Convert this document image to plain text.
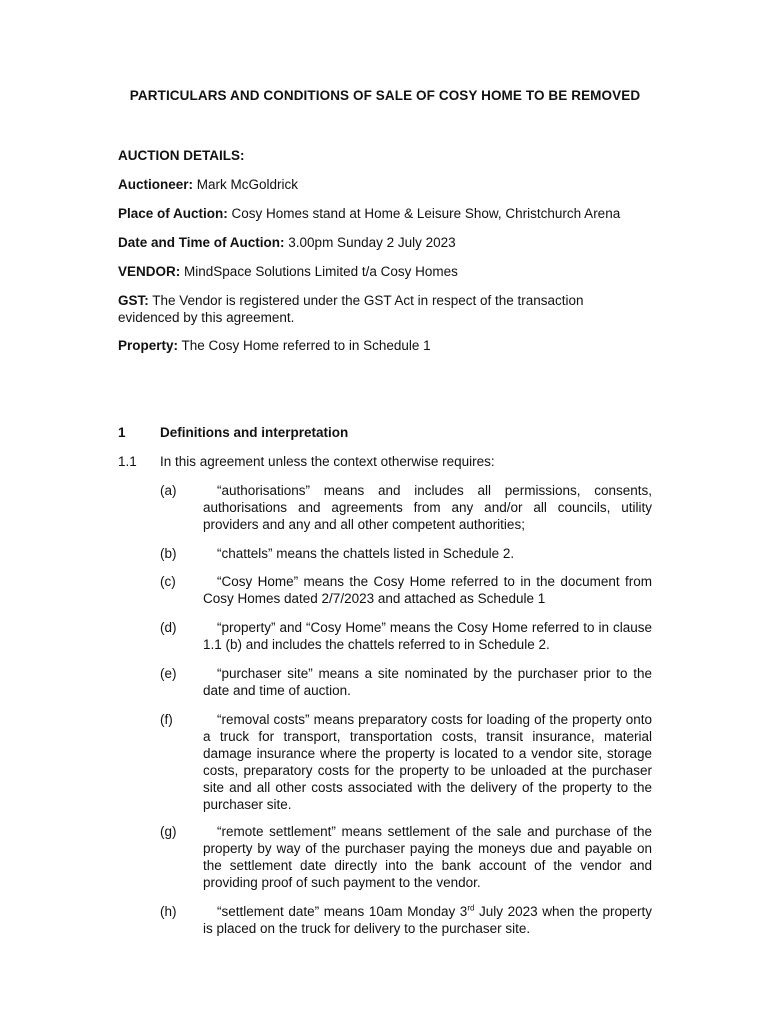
PARTICULARS AND CONDITIONS OF SALE OF COSY HOME TO BE REMOVED
AUCTION DETAILS:
Auctioneer: Mark McGoldrick
Place of Auction: Cosy Homes stand at Home & Leisure Show, Christchurch Arena
Date and Time of Auction: 3.00pm Sunday 2 July 2023
VENDOR: MindSpace Solutions Limited t/a Cosy Homes
GST: The Vendor is registered under the GST Act in respect of the transaction evidenced by this agreement.
Property: The Cosy Home referred to in Schedule 1
1	Definitions and interpretation
1.1 In this agreement unless the context otherwise requires:
(a)	“authorisations” means and includes all permissions, consents, authorisations and agreements from any and/or all councils, utility providers and any and all other competent authorities;
(b)	“chattels” means the chattels listed in Schedule 2.
(c)	“Cosy Home” means the Cosy Home referred to in the document from Cosy Homes dated 2/7/2023 and attached as Schedule 1
(d)	“property” and “Cosy Home” means the Cosy Home referred to in clause 1.1 (b) and includes the chattels referred to in Schedule 2.
(e)	“purchaser site” means a site nominated by the purchaser prior to the date and time of auction.
(f)	“removal costs” means preparatory costs for loading of the property onto a truck for transport, transportation costs, transit insurance, material damage insurance where the property is located to a vendor site, storage costs, preparatory costs for the property to be unloaded at the purchaser site and all other costs associated with the delivery of the property to the purchaser site.
(g)	“remote settlement” means settlement of the sale and purchase of the property by way of the purchaser paying the moneys due and payable on the settlement date directly into the bank account of the vendor and providing proof of such payment to the vendor.
(h)	“settlement date” means 10am Monday 3rd July 2023 when the property is placed on the truck for delivery to the purchaser site.
